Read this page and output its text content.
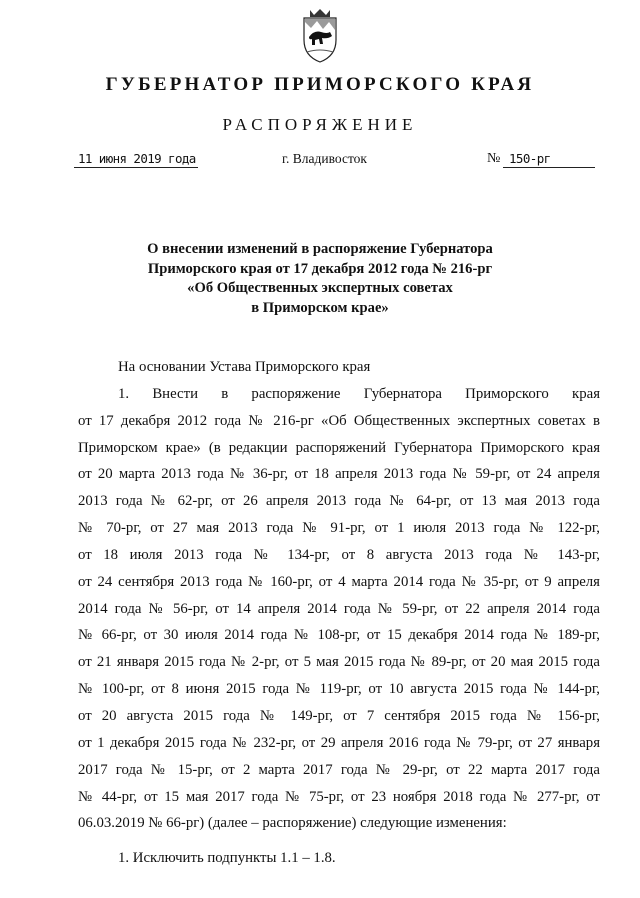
ГУБЕРНАТОР ПРИМОРСКОГО КРАЯ
РАСПОРЯЖЕНИЕ
11 июня 2019 года	г. Владивосток	№ 150-рг
О внесении изменений в распоряжение Губернатора
Приморского края от 17 декабря 2012 года № 216-рг
«Об Общественных экспертных советах
в Приморском крае»

На основании Устава Приморского края

1. Внести в распоряжение Губернатора Приморского края

от 17 декабря 2012 года № 216-рг «Об Общественных экспертных советах в

Приморском крае» (в редакции распоряжений Губернатора Приморского края

от 20 марта 2013 года № 36-рг, от 18 апреля 2013 года № 59-рг, от 24 апреля

2013 года № 62-рг, от 26 апреля 2013 года № 64-рг, от 13 мая 2013 года

№ 70-рг, от 27 мая 2013 года № 91-рг, от 1 июля 2013 года № 122-рг,

от 18 июля 2013 года № 134-рг, от 8 августа 2013 года № 143-рг,

от 24 сентября 2013 года № 160-рг, от 4 марта 2014 года № 35-рг, от 9 апреля

2014 года № 56-рг, от 14 апреля 2014 года № 59-рг, от 22 апреля 2014 года

№ 66-рг, от 30 июля 2014 года № 108-рг, от 15 декабря 2014 года № 189-рг,

от 21 января 2015 года № 2-рг, от 5 мая 2015 года № 89-рг, от 20 мая 2015 года

№ 100-рг, от 8 июня 2015 года № 119-рг, от 10 августа 2015 года № 144-рг,

от 20 августа 2015 года № 149-рг, от 7 сентября 2015 года № 156-рг,

от 1 декабря 2015 года № 232-рг, от 29 апреля 2016 года № 79-рг, от 27 января

2017 года № 15-рг, от 2 марта 2017 года № 29-рг, от 22 марта 2017 года

№ 44-рг, от 15 мая 2017 года № 75-рг, от 23 ноября 2018 года № 277-рг, от

06.03.2019 № 66-рг) (далее – распоряжение) следующие изменения:

1. Исключить подпункты 1.1 – 1.8.
